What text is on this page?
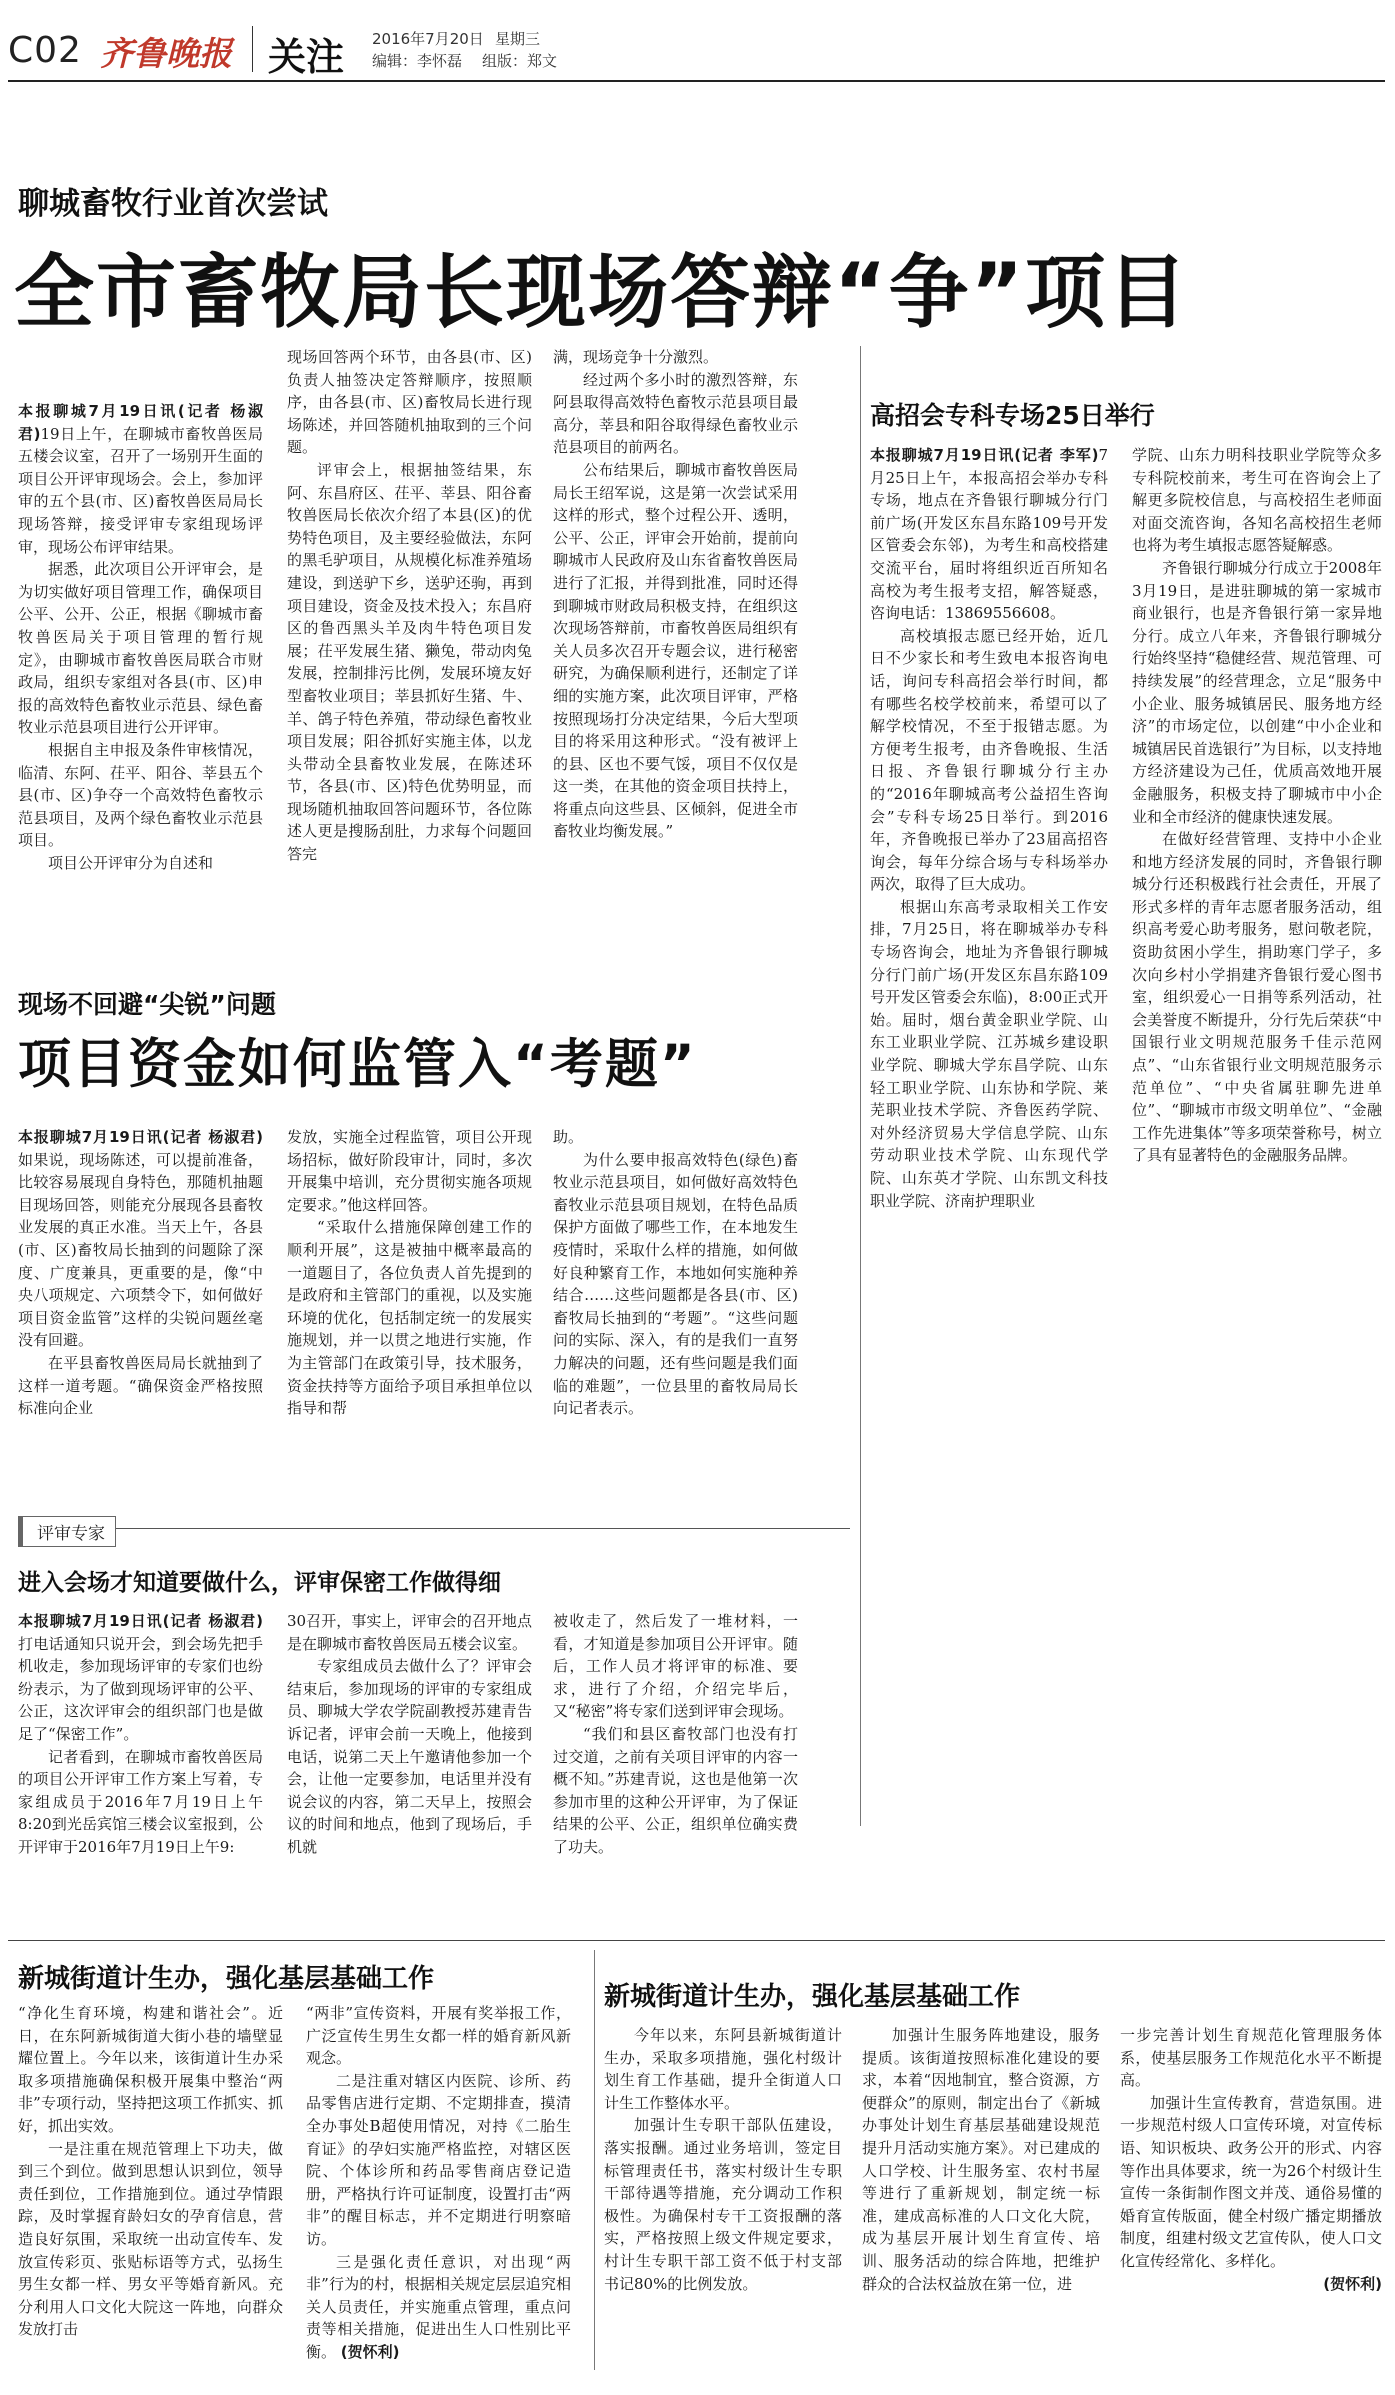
C02 齐鲁晚报 关注 2016年7月20日 星期三
编辑：李怀磊 组版：郑文
聊城畜牧行业首次尝试
全市畜牧局长现场答辩“争”项目

本报聊城7月19日讯(记者 杨淑君)19日上午，在聊城市畜牧兽医局五楼会议室，召开了一场别开生面的项目公开评审现场会。会上，参加评审的五个县(市、区)畜牧兽医局局长现场答辩，接受评审专家组现场评审，现场公布评审结果。

据悉，此次项目公开评审会，是为切实做好项目管理工作，确保项目公平、公开、公正，根据《聊城市畜牧兽医局关于项目管理的暂行规定》，由聊城市畜牧兽医局联合市财政局，组织专家组对各县(市、区)申报的高效特色畜牧业示范县、绿色畜牧业示范县项目进行公开评审。

根据自主申报及条件审核情况，临清、东阿、茌平、阳谷、莘县五个县(市、区)争夺一个高效特色畜牧示范县项目，及两个绿色畜牧业示范县项目。

项目公开评审分为自述和

现场回答两个环节，由各县(市、区)负责人抽签决定答辩顺序，按照顺序，由各县(市、区)畜牧局长进行现场陈述，并回答随机抽取到的三个问题。

评审会上，根据抽签结果，东阿、东昌府区、茌平、莘县、阳谷畜牧兽医局长依次介绍了本县(区)的优势特色项目，及主要经验做法，东阿的黑毛驴项目，从规模化标准养殖场建设，到送驴下乡，送驴还驹，再到项目建设，资金及技术投入；东昌府区的鲁西黑头羊及肉牛特色项目发展；茌平发展生猪、獭兔，带动肉兔发展，控制排污比例，发展环境友好型畜牧业项目；莘县抓好生猪、牛、羊、鸽子特色养殖，带动绿色畜牧业项目发展；阳谷抓好实施主体，以龙头带动全县畜牧业发展，在陈述环节，各县(市、区)特色优势明显，而现场随机抽取回答问题环节，各位陈述人更是搜肠刮肚，力求每个问题回答完

满，现场竞争十分激烈。

经过两个多小时的激烈答辩，东阿县取得高效特色畜牧示范县项目最高分，莘县和阳谷取得绿色畜牧业示范县项目的前两名。

公布结果后，聊城市畜牧兽医局局长王绍军说，这是第一次尝试采用这样的形式，整个过程公开、透明，公平、公正，评审会开始前，提前向聊城市人民政府及山东省畜牧兽医局进行了汇报，并得到批准，同时还得到聊城市财政局积极支持，在组织这次现场答辩前，市畜牧兽医局组织有关人员多次召开专题会议，进行秘密研究，为确保顺利进行，还制定了详细的实施方案，此次项目评审，严格按照现场打分决定结果，今后大型项目的将采用这种形式。“没有被评上的县、区也不要气馁，项目不仅仅是这一类，在其他的资金项目扶持上，将重点向这些县、区倾斜，促进全市畜牧业均衡发展。”

高招会专科专场25日举行

本报聊城7月19日讯(记者 李军)7月25日上午，本报高招会举办专科专场，地点在齐鲁银行聊城分行门前广场(开发区东昌东路109号开发区管委会东邻)，为考生和高校搭建交流平台，届时将组织近百所知名高校为考生报考支招，解答疑惑，咨询电话：13869556608。

高校填报志愿已经开始，近几日不少家长和考生致电本报咨询电话，询问专科高招会举行时间，都有哪些名校学校前来，希望可以了解学校情况，不至于报错志愿。为方便考生报考，由齐鲁晚报、生活日报、齐鲁银行聊城分行主办的“2016年聊城高考公益招生咨询会”专科专场25日举行。到2016年，齐鲁晚报已举办了23届高招咨询会，每年分综合场与专科场举办两次，取得了巨大成功。

根据山东高考录取相关工作安排，7月25日，将在聊城举办专科专场咨询会，地址为齐鲁银行聊城分行门前广场(开发区东昌东路109号开发区管委会东临)，8:00正式开始。届时，烟台黄金职业学院、山东工业职业学院、江苏城乡建设职业学院、聊城大学东昌学院、山东轻工职业学院、山东协和学院、莱芜职业技术学院、齐鲁医药学院、对外经济贸易大学信息学院、山东劳动职业技术学院、山东现代学院、山东英才学院、山东凯文科技职业学院、济南护理职业

学院、山东力明科技职业学院等众多专科院校前来，考生可在咨询会上了解更多院校信息，与高校招生老师面对面交流咨询，各知名高校招生老师也将为考生填报志愿答疑解惑。

齐鲁银行聊城分行成立于2008年3月19日，是进驻聊城的第一家城市商业银行，也是齐鲁银行第一家异地分行。成立八年来，齐鲁银行聊城分行始终坚持“稳健经营、规范管理、可持续发展”的经营理念，立足“服务中小企业、服务城镇居民、服务地方经济”的市场定位，以创建“中小企业和城镇居民首选银行”为目标，以支持地方经济建设为己任，优质高效地开展金融服务，积极支持了聊城市中小企业和全市经济的健康快速发展。

在做好经营管理、支持中小企业和地方经济发展的同时，齐鲁银行聊城分行还积极践行社会责任，开展了形式多样的青年志愿者服务活动，组织高考爱心助考服务，慰问敬老院，资助贫困小学生，捐助寒门学子，多次向乡村小学捐建齐鲁银行爱心图书室，组织爱心一日捐等系列活动，社会美誉度不断提升，分行先后荣获“中国银行业文明规范服务千佳示范网点”、“山东省银行业文明规范服务示范单位”、“中央省属驻聊先进单位”、“聊城市市级文明单位”、“金融工作先进集体”等多项荣誉称号，树立了具有显著特色的金融服务品牌。

现场不回避“尖锐”问题
项目资金如何监管入“考题”

本报聊城7月19日讯(记者 杨淑君)如果说，现场陈述，可以提前准备，比较容易展现自身特色，那随机抽题目现场回答，则能充分展现各县畜牧业发展的真正水准。当天上午，各县(市、区)畜牧局长抽到的问题除了深度、广度兼具，更重要的是，像“中央八项规定、六项禁令下，如何做好项目资金监管”这样的尖锐问题丝毫没有回避。

在平县畜牧兽医局局长就抽到了这样一道考题。“确保资金严格按照标准向企业

发放，实施全过程监管，项目公开现场招标，做好阶段审计，同时，多次开展集中培训，充分贯彻实施各项规定要求。”他这样回答。

“采取什么措施保障创建工作的顺利开展”，这是被抽中概率最高的一道题目了，各位负责人首先提到的是政府和主管部门的重视，以及实施环境的优化，包括制定统一的发展实施规划，并一以贯之地进行实施，作为主管部门在政策引导，技术服务，资金扶持等方面给予项目承担单位以指导和帮

助。

为什么要申报高效特色(绿色)畜牧业示范县项目，如何做好高效特色畜牧业示范县项目规划，在特色品质保护方面做了哪些工作，在本地发生疫情时，采取什么样的措施，如何做好良种繁育工作，本地如何实施种养结合……这些问题都是各县(市、区)畜牧局长抽到的“考题”。“这些问题问的实际、深入，有的是我们一直努力解决的问题，还有些问题是我们面临的难题”，一位县里的畜牧局局长向记者表示。

评审专家
进入会场才知道要做什么，评审保密工作做得细

本报聊城7月19日讯(记者 杨淑君)打电话通知只说开会，到会场先把手机收走，参加现场评审的专家们也纷纷表示，为了做到现场评审的公平、公正，这次评审会的组织部门也是做足了“保密工作”。

记者看到，在聊城市畜牧兽医局的项目公开评审工作方案上写着，专家组成员于2016年7月19日上午8:20到光岳宾馆三楼会议室报到，公开评审于2016年7月19日上午9:

30召开，事实上，评审会的召开地点是在聊城市畜牧兽医局五楼会议室。

专家组成员去做什么了？评审会结束后，参加现场的评审的专家组成员、聊城大学农学院副教授苏建青告诉记者，评审会前一天晚上，他接到电话，说第二天上午邀请他参加一个会，让他一定要参加，电话里并没有说会议的内容，第二天早上，按照会议的时间和地点，他到了现场后，手机就

被收走了，然后发了一堆材料，一看，才知道是参加项目公开评审。随后，工作人员才将评审的标准、要求，进行了介绍，介绍完毕后，又“秘密”将专家们送到评审会现场。

“我们和县区畜牧部门也没有打过交道，之前有关项目评审的内容一概不知。”苏建青说，这也是他第一次参加市里的这种公开评审，为了保证结果的公平、公正，组织单位确实费了功夫。

新城街道计生办，强化基层基础工作

“净化生育环境，构建和谐社会”。近日，在东阿新城街道大街小巷的墙壁显耀位置上。今年以来，该街道计生办采取多项措施确保积极开展集中整治“两非”专项行动，坚持把这项工作抓实、抓好，抓出实效。

一是注重在规范管理上下功夫，做到三个到位。做到思想认识到位，领导责任到位，工作措施到位。通过孕情跟踪，及时掌握育龄妇女的孕育信息，营造良好氛围，采取统一出动宣传车、发放宣传彩页、张贴标语等方式，弘扬生男生女都一样、男女平等婚育新风。充分利用人口文化大院这一阵地，向群众发放打击

“两非”宣传资料，开展有奖举报工作，广泛宣传生男生女都一样的婚育新风新观念。

二是注重对辖区内医院、诊所、药品零售店进行定期、不定期排查，摸清全办事处B超使用情况，对持《二胎生育证》的孕妇实施严格监控，对辖区医院、个体诊所和药品零售商店登记造册，严格执行许可证制度，设置打击“两非”的醒目标志，并不定期进行明察暗访。

三是强化责任意识，对出现“两非”行为的村，根据相关规定层层追究相关人员责任，并实施重点管理，重点问责等相关措施，促进出生人口性别比平衡。 (贺怀利)

新城街道计生办，强化基层基础工作

今年以来，东阿县新城街道计生办，采取多项措施，强化村级计划生育工作基础，提升全街道人口计生工作整体水平。

加强计生专职干部队伍建设，落实报酬。通过业务培训，签定目标管理责任书，落实村级计生专职干部待遇等措施，充分调动工作积极性。为确保村专干工资报酬的落实，严格按照上级文件规定要求，村计生专职干部工资不低于村支部书记80%的比例发放。

加强计生服务阵地建设，服务提质。该街道按照标准化建设的要求，本着“因地制宜，整合资源，方便群众”的原则，制定出台了《新城办事处计划生育基层基础建设规范提升月活动实施方案》。对已建成的人口学校、计生服务室、农村书屋等进行了重新规划，制定统一标准，建成高标准的人口文化大院，成为基层开展计划生育宣传、培训、服务活动的综合阵地，把维护群众的合法权益放在第一位，进

一步完善计划生育规范化管理服务体系，使基层服务工作规范化水平不断提高。

加强计生宣传教育，营造氛围。进一步规范村级人口宣传环境，对宣传标语、知识板块、政务公开的形式、内容等作出具体要求，统一为26个村级计生宣传一条街制作图文并茂、通俗易懂的婚育宣传版面，健全村级广播定期播放制度，组建村级文艺宣传队，使人口文化宣传经常化、多样化。

(贺怀利)
